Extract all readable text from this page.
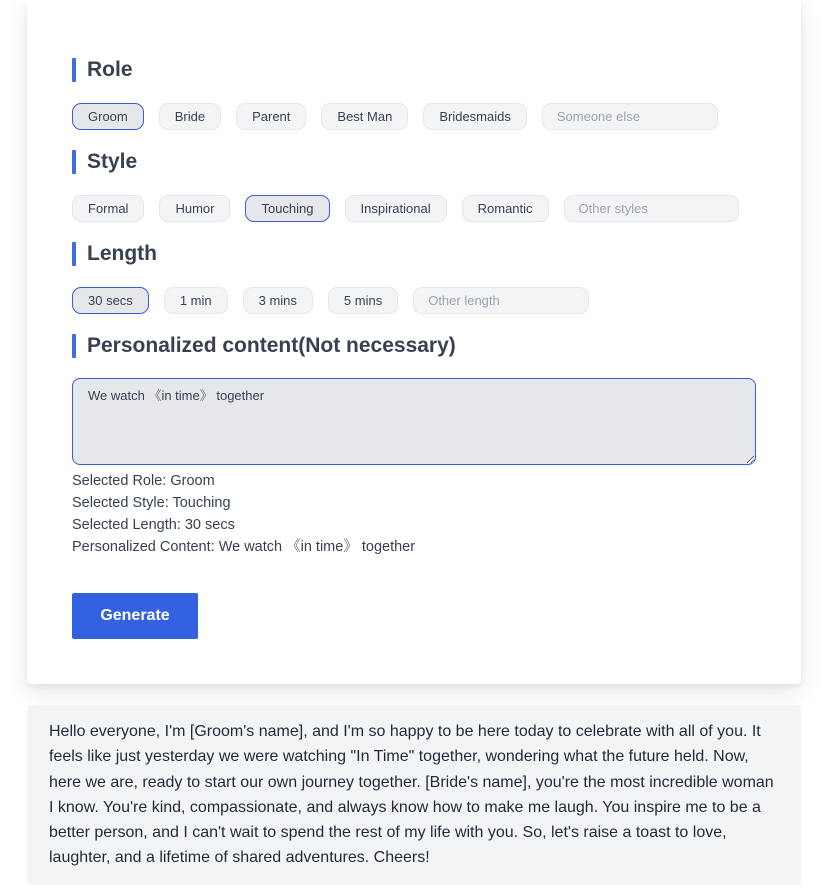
Role
Groom	Bride	Parent	Best Man	Bridesmaids
Someone else
Style
Formal	Humor	Touching	Inspirational	Romantic
Other styles
Length
30 secs	1 min	3 mins	5 mins
Other length
Personalized content(Not necessary)
We watch 《in time》 together
Selected Role: Groom
Selected Style: Touching
Selected Length: 30 secs
Personalized Content: We watch 《in time》 together
Generate
Hello everyone, I'm [Groom's name], and I'm so happy to be here today to celebrate with all of you. It feels like just yesterday we were watching "In Time" together, wondering what the future held. Now, here we are, ready to start our own journey together. [Bride's name], you're the most incredible woman I know. You're kind, compassionate, and always know how to make me laugh. You inspire me to be a better person, and I can't wait to spend the rest of my life with you. So, let's raise a toast to love, laughter, and a lifetime of shared adventures. Cheers!
